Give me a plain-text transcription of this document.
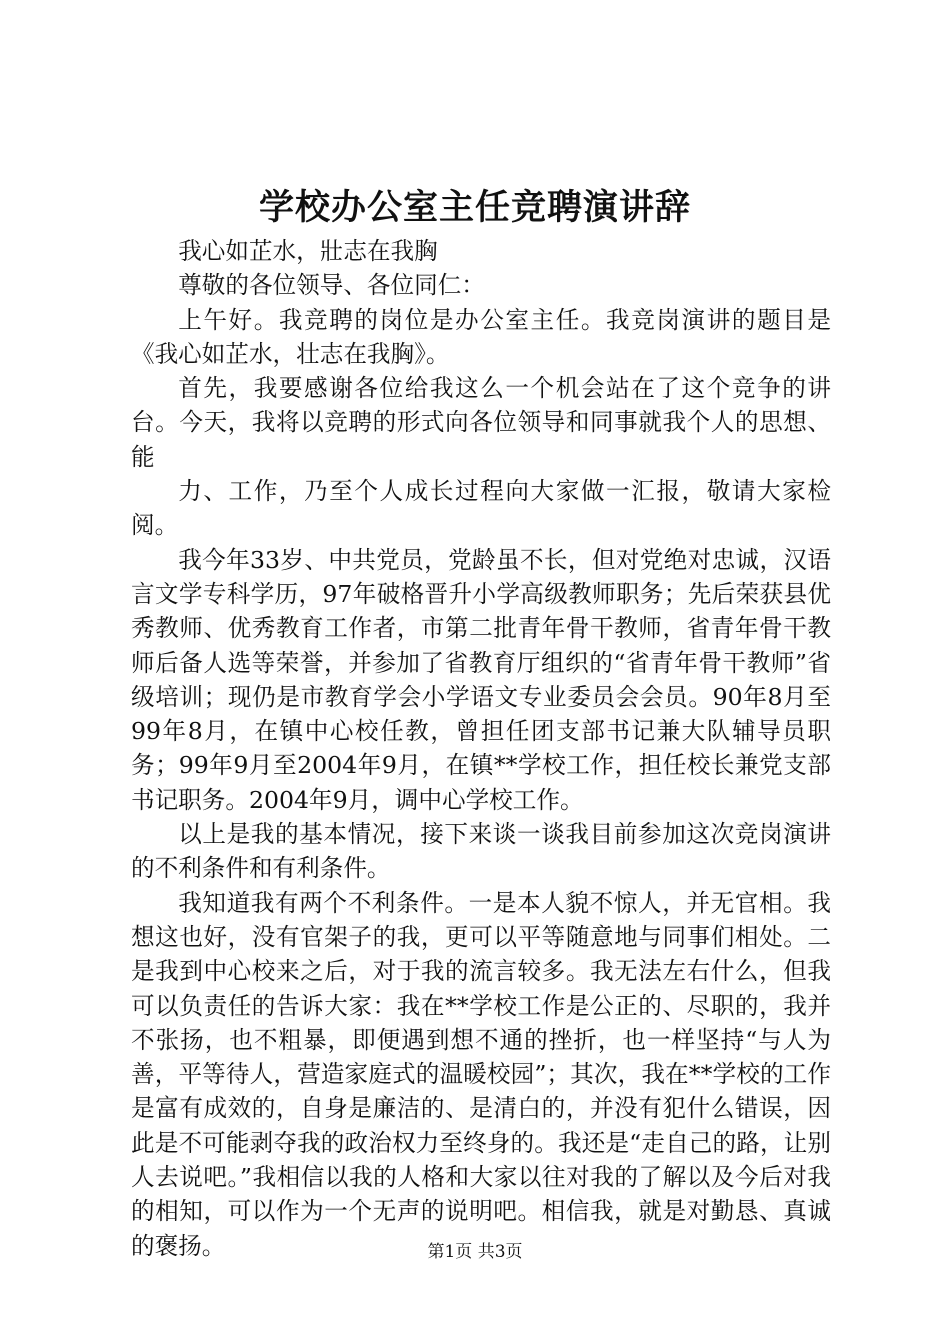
学校办公室主任竞聘演讲辞

我心如芷水，壯志在我胸

尊敬的各位领导、各位同仁：

上午好。我竞聘的岗位是办公室主任。我竞岗演讲的题目是《我心如芷水，壮志在我胸》。

首先，我要感谢各位给我这么一个机会站在了这个竞争的讲台。今天，我将以竞聘的形式向各位领导和同事就我个人的思想、能

力、工作，乃至个人成长过程向大家做一汇报，敬请大家检阅。

我今年33岁、中共党员，党龄虽不长，但对党绝对忠诚，汉语言文学专科学历，97年破格晋升小学高级教师职务；先后荣获县优秀教师、优秀教育工作者，市第二批青年骨干教师，省青年骨干教师后备人选等荣誉，并参加了省教育厅组织的“省青年骨干教师”省级培训；现仍是市教育学会小学语文专业委员会会员。90年8月至99年8月，在镇中心校任教，曾担任团支部书记兼大队辅导员职务；99年9月至2004年9月，在镇**学校工作，担任校长兼党支部书记职务。2004年9月，调中心学校工作。

以上是我的基本情况，接下来谈一谈我目前参加这次竞岗演讲的不利条件和有利条件。

我知道我有两个不利条件。一是本人貌不惊人，并无官相。我想这也好，没有官架子的我，更可以平等随意地与同事们相处。二是我到中心校来之后，对于我的流言较多。我无法左右什么，但我可以负责任的告诉大家：我在**学校工作是公正的、尽职的，我并不张扬，也不粗暴，即便遇到想不通的挫折，也一样坚持“与人为善，平等待人，营造家庭式的温暖校园”；其次，我在**学校的工作是富有成效的，自身是廉洁的、是清白的，并没有犯什么错误，因此是不可能剥夺我的政治权力至终身的。我还是“走自己的路，让别人去说吧。”我相信以我的人格和大家以往对我的了解以及今后对我的相知，可以作为一个无声的说明吧。相信我，就是对勤恳、真诚的褒扬。	第1页 共3页
